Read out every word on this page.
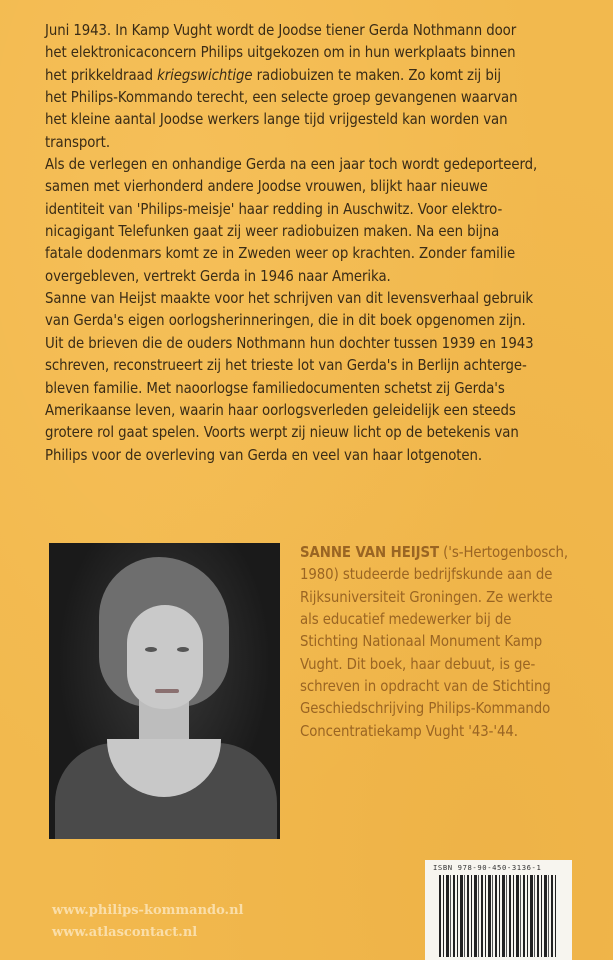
Juni 1943. In Kamp Vught wordt de Joodse tiener Gerda Nothmann door
het elektronicaconcern Philips uitgekozen om in hun werkplaats binnen
het prikkeldraad kriegswichtige radiobuizen te maken. Zo komt zij bij
het Philips-Kommando terecht, een selecte groep gevangenen waarvan
het kleine aantal Joodse werkers lange tijd vrijgesteld kan worden van
transport.
Als de verlegen en onhandige Gerda na een jaar toch wordt gedeporteerd,
samen met vierhonderd andere Joodse vrouwen, blijkt haar nieuwe
identiteit van 'Philips-meisje' haar redding in Auschwitz. Voor elektro-
nicagigant Telefunken gaat zij weer radiobuizen maken. Na een bijna
fatale dodenmars komt ze in Zweden weer op krachten. Zonder familie
overgebleven, vertrekt Gerda in 1946 naar Amerika.
Sanne van Heijst maakte voor het schrijven van dit levensverhaal gebruik
van Gerda's eigen oorlogsherinneringen, die in dit boek opgenomen zijn.
Uit de brieven die de ouders Nothmann hun dochter tussen 1939 en 1943
schreven, reconstrueert zij het trieste lot van Gerda's in Berlijn achterge-
bleven familie. Met naoorlogse familiedocumenten schetst zij Gerda's
Amerikaanse leven, waarin haar oorlogsverleden geleidelijk een steeds
grotere rol gaat spelen. Voorts werpt zij nieuw licht op de betekenis van
Philips voor de overleving van Gerda en veel van haar lotgenoten.
SANNE VAN HEIJST ('s-Hertogenbosch,
1980) studeerde bedrijfskunde aan de
Rijksuniversiteit Groningen. Ze werkte
als educatief medewerker bij de
Stichting Nationaal Monument Kamp
Vught. Dit boek, haar debuut, is ge-
schreven in opdracht van de Stichting
Geschiedschrijving Philips-Kommando
Concentratiekamp Vught '43-'44.
www.philips-kommando.nl
www.atlascontact.nl
ISBN 978-90-450-3136-1
